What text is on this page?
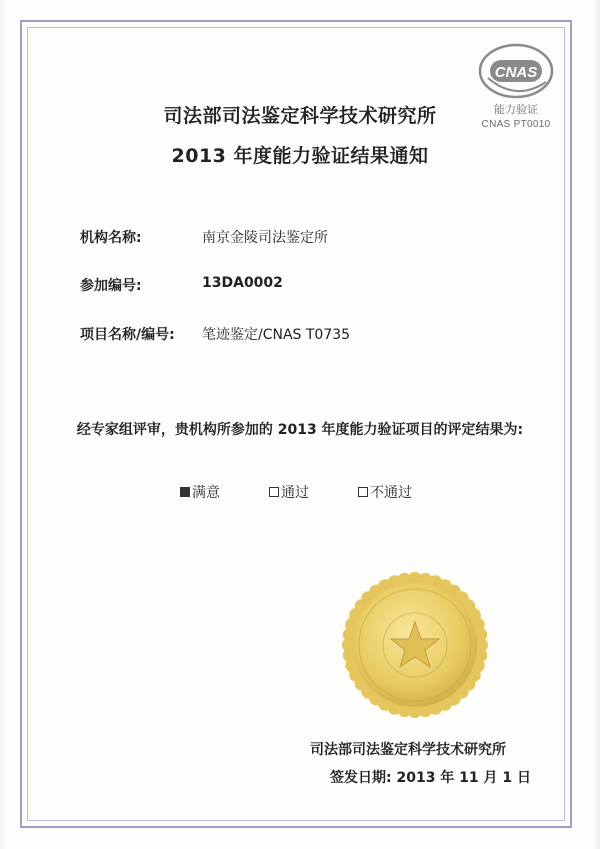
CNAS
能力验证
CNAS PT0010
司法部司法鉴定科学技术研究所
2013 年度能力验证结果通知
机构名称:	南京金陵司法鉴定所
参加编号:	13DA0002
项目名称/编号: 笔迹鉴定/CNAS T0735
经专家组评审，贵机构所参加的 2013 年度能力验证项目的评定结果为:
满意	通过	不通过
司法部司法鉴定科学技术研究所
签发日期: 2013 年 11 月 1 日
